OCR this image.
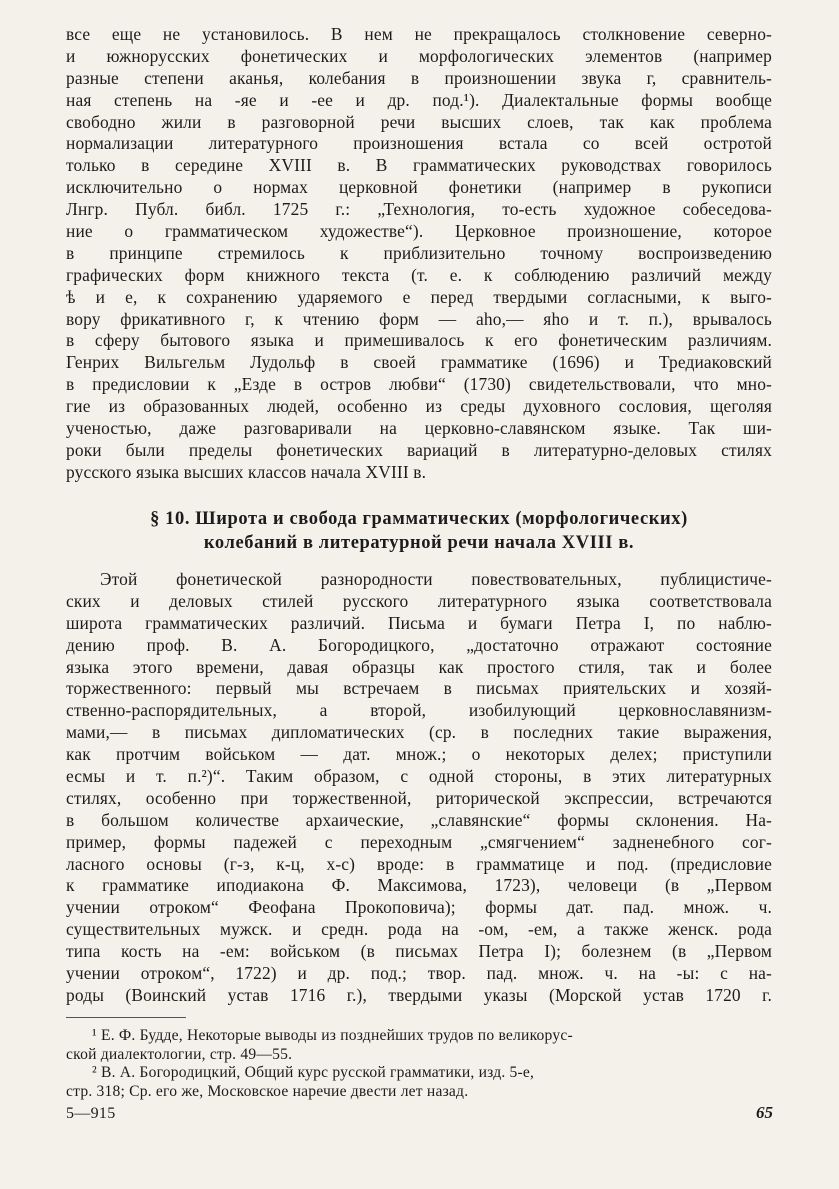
все еще не установилось. В нем не прекращалось столкновение северно-
и южнорусских фонетических и морфологических элементов (например
разные степени аканья, колебания в произношении звука г, сравнитель-
ная степень на -яе и -ее и др. под.¹). Диалектальные формы вообще
свободно жили в разговорной речи высших слоев, так как проблема
нормализации литературного произношения встала со всей остротой
только в середине XVIII в. В грамматических руководствах говорилось
исключительно о нормах церковной фонетики (например в рукописи
Лнгр. Публ. библ. 1725 г.: „Технология, то-есть художное собеседова-
ние о грамматическом художестве“). Церковное произношение, которое
в принципе стремилось к приблизительно точному воспроизведению
графических форм книжного текста (т. е. к соблюдению различий между
ѣ и е, к сохранению ударяемого е перед твердыми согласными, к выго-
вору фрикативного г, к чтению форм — aho,— яho и т. п.), врывалось
в сферу бытового языка и примешивалось к его фонетическим различиям.
Генрих Вильгельм Лудольф в своей грамматике (1696) и Тредиаковский
в предисловии к „Езде в остров любви“ (1730) свидетельствовали, что мно-
гие из образованных людей, особенно из среды духовного сословия, щеголяя
ученостью, даже разговаривали на церковно-славянском языке. Так ши-
роки были пределы фонетических вариаций в литературно-деловых стилях
русского языка высших классов начала XVIII в.
§ 10. Широта и свобода грамматических (морфологических)
колебаний в литературной речи начала XVIII в.
Этой фонетической разнородности повествовательных, публицистиче-
ских и деловых стилей русского литературного языка соответствовала
широта грамматических различий. Письма и бумаги Петра I, по наблю-
дению проф. В. А. Богородицкого, „достаточно отражают состояние
языка этого времени, давая образцы как простого стиля, так и более
торжественного: первый мы встречаем в письмах приятельских и хозяй-
ственно-распорядительных, а второй, изобилующий церковнославянизм-
мами,— в письмах дипломатических (ср. в последних такие выражения,
как протчим войськом — дат. множ.; о некоторых делех; приступили
есмы и т. п.²)“. Таким образом, с одной стороны, в этих литературных
стилях, особенно при торжественной, риторической экспрессии, встречаются
в большом количестве архаические, „славянские“ формы склонения. На-
пример, формы падежей с переходным „смягчением“ задненебного сог-
ласного основы (г-з, к-ц, х-с) вроде: в грамматице и под. (предисловие
к грамматике иподиакона Ф. Максимова, 1723), человеци (в „Первом
учении отроком“ Феофана Прокоповича); формы дат. пад. множ. ч.
существительных мужск. и средн. рода на -ом, -ем, а также женск. рода
типа кость на -ем: войськом (в письмах Петра I); болезнем (в „Первом
учении отроком“, 1722) и др. под.; твор. пад. множ. ч. на -ы: с на-
роды (Воинский устав 1716 г.), твердыми указы (Морской устав 1720 г.
¹ Е. Ф. Будде, Некоторые выводы из позднейших трудов по великорус-
ской диалектологии, стр. 49—55.
² В. А. Богородицкий, Общий курс русской грамматики, изд. 5-е,
стр. 318; Ср. его же, Московское наречие двести лет назад.
5—915	65
